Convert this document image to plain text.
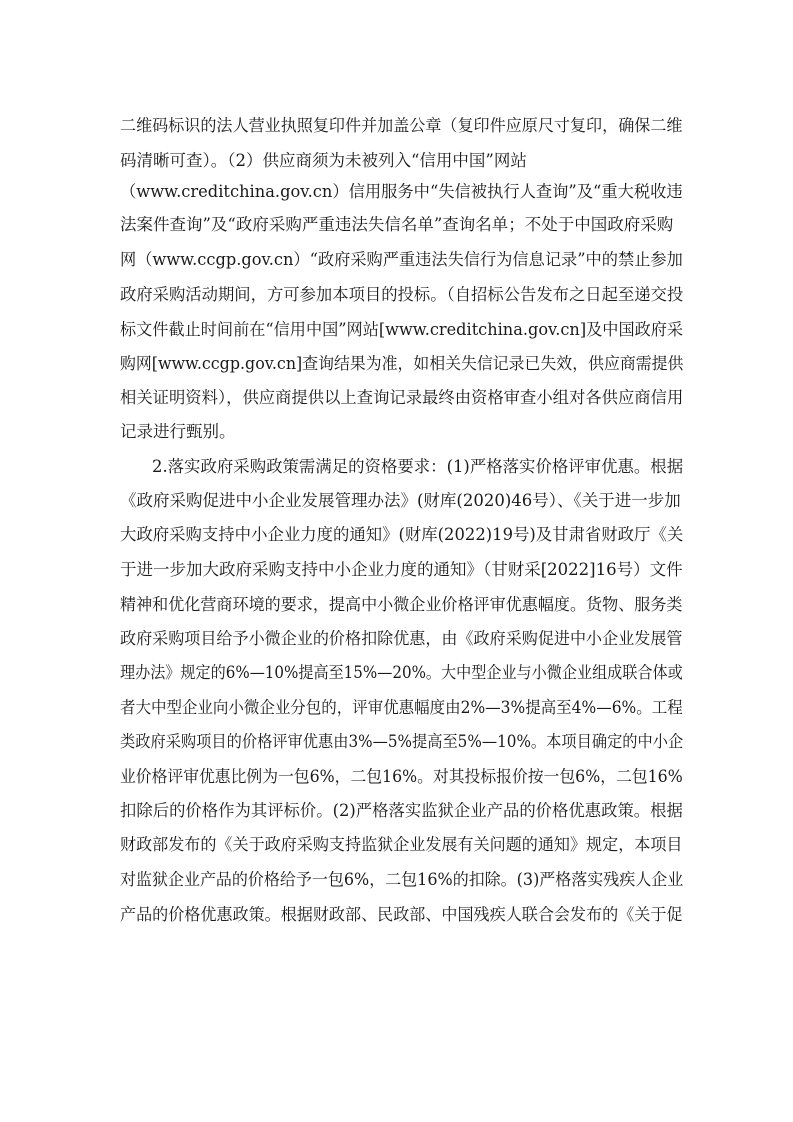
二维码标识的法人营业执照复印件并加盖公章（复印件应原尺寸复印，确保二维
码清晰可查）。（2）供应商须为未被列入“信用中国”网站
（www.creditchina.gov.cn）信用服务中“失信被执行人查询”及“重大税收违
法案件查询”及“政府采购严重违法失信名单”查询名单；不处于中国政府采购
网（www.ccgp.gov.cn）“政府采购严重违法失信行为信息记录”中的禁止参加
政府采购活动期间，方可参加本项目的投标。（自招标公告发布之日起至递交投
标文件截止时间前在“信用中国”网站[www.creditchina.gov.cn]及中国政府采
购网[www.ccgp.gov.cn]查询结果为准，如相关失信记录已失效，供应商需提供
相关证明资料），供应商提供以上查询记录最终由资格审查小组对各供应商信用
记录进行甄别。
2.落实政府采购政策需满足的资格要求：(1)严格落实价格评审优惠。根据
《政府采购促进中小企业发展管理办法》(财库(2020)46号）、《关于进一步加
大政府采购支持中小企业力度的通知》(财库(2022)19号)及甘肃省财政厅《关
于进一步加大政府采购支持中小企业力度的通知》（甘财采[2022]16号）文件
精神和优化营商环境的要求，提高中小微企业价格评审优惠幅度。货物、服务类
政府采购项目给予小微企业的价格扣除优惠，由《政府采购促进中小企业发展管
理办法》规定的6%—10%提高至15%—20%。大中型企业与小微企业组成联合体或
者大中型企业向小微企业分包的，评审优惠幅度由2%—3%提高至4%—6%。工程
类政府采购项目的价格评审优惠由3%—5%提高至5%—10%。本项目确定的中小企
业价格评审优惠比例为一包6%，二包16%。对其投标报价按一包6%，二包16%
扣除后的价格作为其评标价。(2)严格落实监狱企业产品的价格优惠政策。根据
财政部发布的《关于政府采购支持监狱企业发展有关问题的通知》规定，本项目
对监狱企业产品的价格给予一包6%，二包16%的扣除。(3)严格落实残疾人企业
产品的价格优惠政策。根据财政部、民政部、中国残疾人联合会发布的《关于促
